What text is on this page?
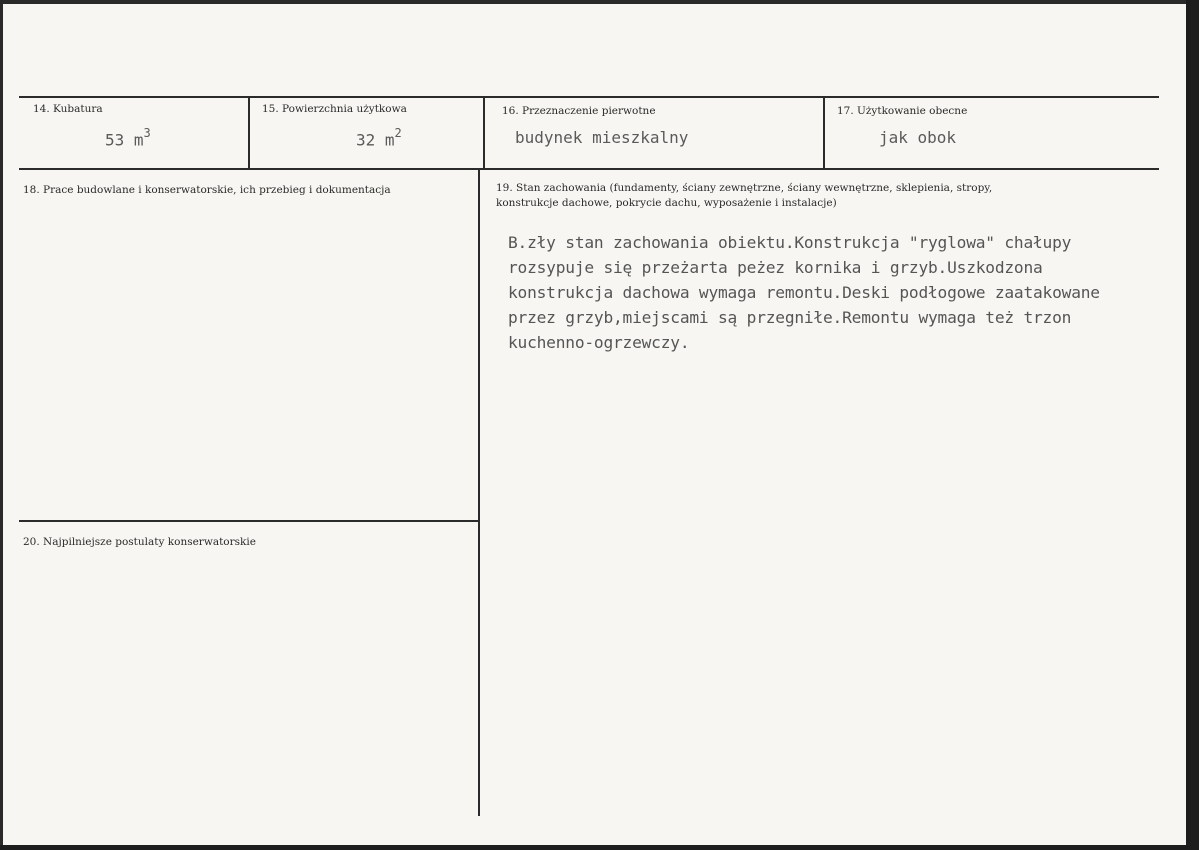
14. Kubatura
53 $m^3$
15. Powierzchnia użytkowa
32 $m^2$
16. Przeznaczenie pierwotne
budynek mieszkalny
17. Użytkowanie obecne
jak obok
18. Prace budowlane i konserwatorskie, ich przebieg i dokumentacja	19. Stan zachowania (fundamenty, ściany zewnętrzne, ściany wewnętrzne, sklepienia, stropy,
konstrukcje dachowe, pokrycie dachu, wyposażenie i instalacje)
B.zły stan zachowania obiektu.Konstrukcja "ryglowa" chałupy
rozsypuje się przeżarta peżez kornika i grzyb.Uszkodzona
konstrukcja dachowa wymaga remontu.Deski podłogowe zaatakowane
przez grzyb,miejscami są przegniłe.Remontu wymaga też trzon
kuchenno-ogrzewczy.
20. Najpilniejsze postulaty konserwatorskie
